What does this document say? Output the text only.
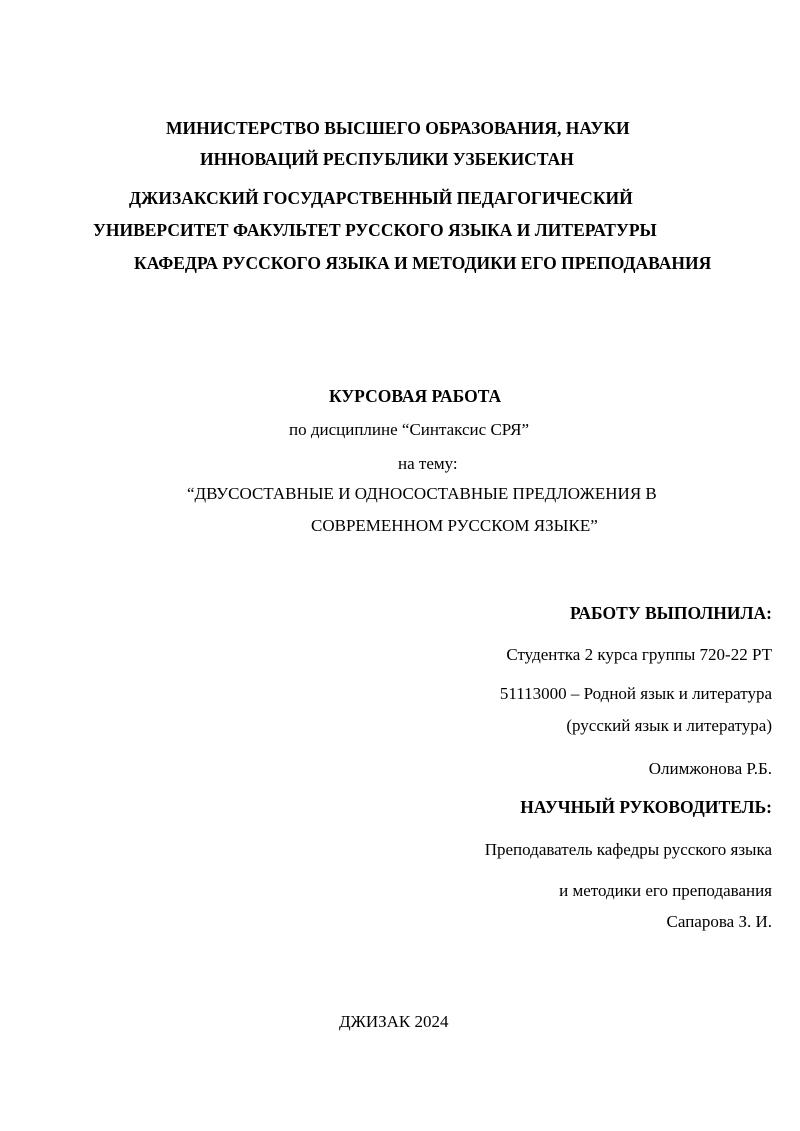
МИНИСТЕРСТВО ВЫСШЕГО ОБРАЗОВАНИЯ, НАУКИ
ИННОВАЦИЙ РЕСПУБЛИКИ УЗБЕКИСТАН
ДЖИЗАКСКИЙ ГОСУДАРСТВЕННЫЙ ПЕДАГОГИЧЕСКИЙ
УНИВЕРСИТЕТ ФАКУЛЬТЕТ РУССКОГО ЯЗЫКА И ЛИТЕРАТУРЫ
КАФЕДРА РУССКОГО ЯЗЫКА И МЕТОДИКИ ЕГО ПРЕПОДАВАНИЯ
КУРСОВАЯ РАБОТА
по дисциплине “Синтаксис СРЯ”
на тему:
“ДВУСОСТАВНЫЕ И ОДНОСОСТАВНЫЕ ПРЕДЛОЖЕНИЯ В
СОВРЕМЕННОМ РУССКОМ ЯЗЫКЕ”
РАБОТУ ВЫПОЛНИЛА:
Студентка 2 курса группы 720-22 РТ
51113000 – Родной язык и литература
(русский язык и литература)
Олимжонова Р.Б.
НАУЧНЫЙ РУКОВОДИТЕЛЬ:
Преподаватель кафедры русского языка
и методики его преподавания
Сапарова З. И.
ДЖИЗАК 2024
